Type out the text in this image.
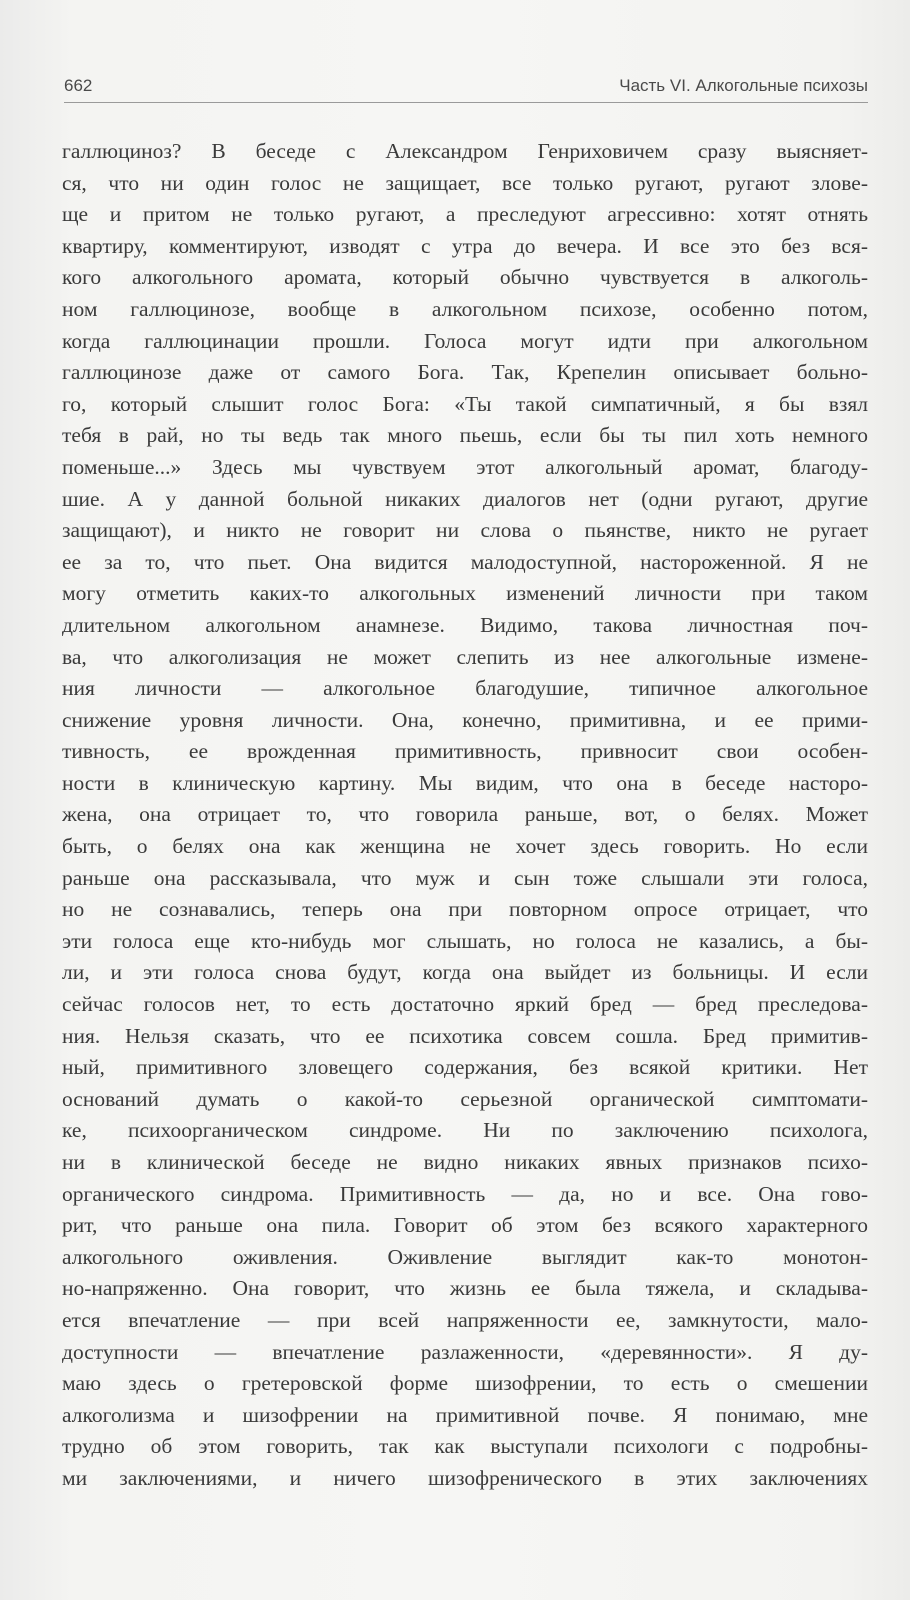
662	Часть VI. Алкогольные психозы
галлюциноз? В беседе с Александром Генриховичем сразу выясняет-
ся, что ни один голос не защищает, все только ругают, ругают злове-
ще и притом не только ругают, а преследуют агрессивно: хотят отнять
квартиру, комментируют, изводят с утра до вечера. И все это без вся-
кого алкогольного аромата, который обычно чувствуется в алкоголь-
ном галлюцинозе, вообще в алкогольном психозе, особенно потом,
когда галлюцинации прошли. Голоса могут идти при алкогольном
галлюцинозе даже от самого Бога. Так, Крепелин описывает больно-
го, который слышит голос Бога: «Ты такой симпатичный, я бы взял
тебя в рай, но ты ведь так много пьешь, если бы ты пил хоть немного
поменьше...» Здесь мы чувствуем этот алкогольный аромат, благоду-
шие. А у данной больной никаких диалогов нет (одни ругают, другие
защищают), и никто не говорит ни слова о пьянстве, никто не ругает
ее за то, что пьет. Она видится малодоступной, настороженной. Я не
могу отметить каких-то алкогольных изменений личности при таком
длительном алкогольном анамнезе. Видимо, такова личностная поч-
ва, что алкоголизация не может слепить из нее алкогольные измене-
ния личности — алкогольное благодушие, типичное алкогольное
снижение уровня личности. Она, конечно, примитивна, и ее прими-
тивность, ее врожденная примитивность, привносит свои особен-
ности в клиническую картину. Мы видим, что она в беседе насторо-
жена, она отрицает то, что говорила раньше, вот, о белях. Может
быть, о белях она как женщина не хочет здесь говорить. Но если
раньше она рассказывала, что муж и сын тоже слышали эти голоса,
но не сознавались, теперь она при повторном опросе отрицает, что
эти голоса еще кто-нибудь мог слышать, но голоса не казались, а бы-
ли, и эти голоса снова будут, когда она выйдет из больницы. И если
сейчас голосов нет, то есть достаточно яркий бред — бред преследова-
ния. Нельзя сказать, что ее психотика совсем сошла. Бред примитив-
ный, примитивного зловещего содержания, без всякой критики. Нет
оснований думать о какой-то серьезной органической симптомати-
ке, психоорганическом синдроме. Ни по заключению психолога,
ни в клинической беседе не видно никаких явных признаков психо-
органического синдрома. Примитивность — да, но и все. Она гово-
рит, что раньше она пила. Говорит об этом без всякого характерного
алкогольного оживления. Оживление выглядит как-то монотон-
но-напряженно. Она говорит, что жизнь ее была тяжела, и складыва-
ется впечатление — при всей напряженности ее, замкнутости, мало-
доступности — впечатление разлаженности, «деревянности». Я ду-
маю здесь о гретеровской форме шизофрении, то есть о смешении
алкоголизма и шизофрении на примитивной почве. Я понимаю, мне
трудно об этом говорить, так как выступали психологи с подробны-
ми заключениями, и ничего шизофренического в этих заключениях
